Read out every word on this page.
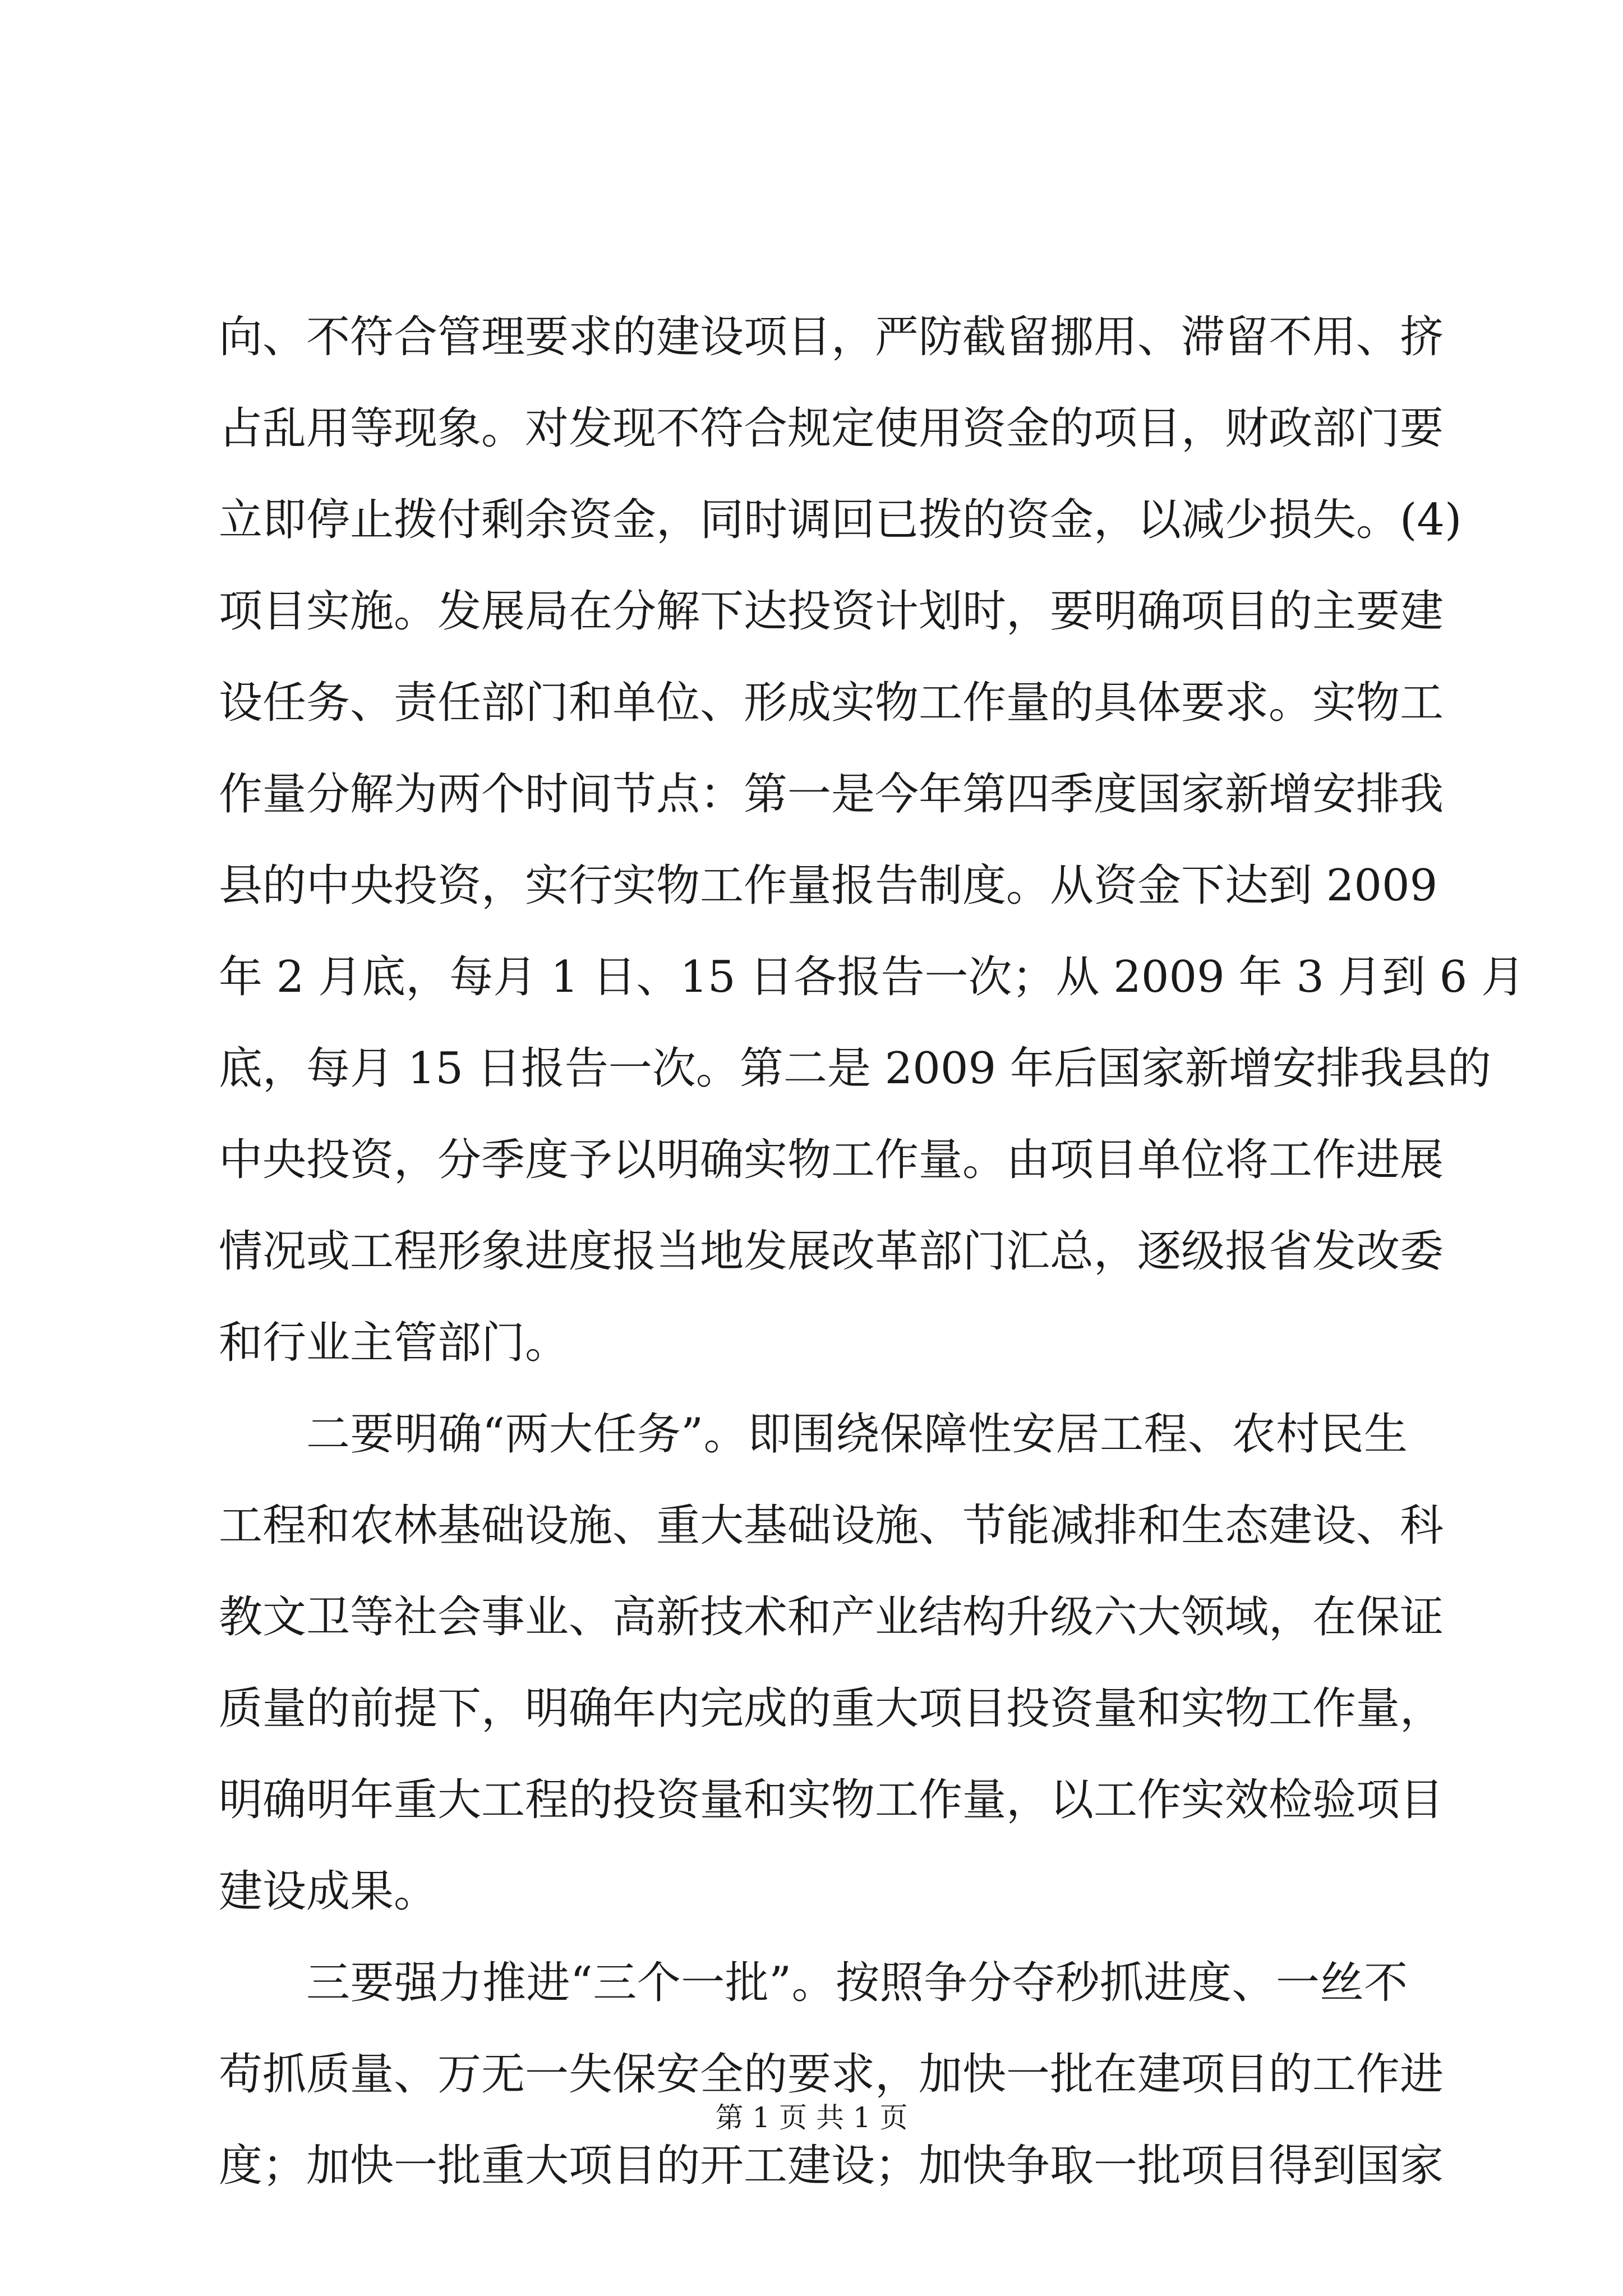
向、不符合管理要求的建设项目，严防截留挪用、滞留不用、挤
占乱用等现象。对发现不符合规定使用资金的项目，财政部门要
立即停止拨付剩余资金，同时调回已拨的资金，以减少损失。(4)
项目实施。发展局在分解下达投资计划时，要明确项目的主要建
设任务、责任部门和单位、形成实物工作量的具体要求。实物工
作量分解为两个时间节点：第一是今年第四季度国家新增安排我
县的中央投资，实行实物工作量报告制度。从资金下达到 2009
年 2 月底，每月 1 日、15 日各报告一次；从 2009 年 3 月到 6 月
底，每月 15 日报告一次。第二是 2009 年后国家新增安排我县的
中央投资，分季度予以明确实物工作量。由项目单位将工作进展
情况或工程形象进度报当地发展改革部门汇总，逐级报省发改委
和行业主管部门。
二要明确“两大任务”。即围绕保障性安居工程、农村民生
工程和农林基础设施、重大基础设施、节能减排和生态建设、科
教文卫等社会事业、高新技术和产业结构升级六大领域，在保证
质量的前提下，明确年内完成的重大项目投资量和实物工作量，
明确明年重大工程的投资量和实物工作量，以工作实效检验项目
建设成果。
三要强力推进“三个一批”。按照争分夺秒抓进度、一丝不
苟抓质量、万无一失保安全的要求，加快一批在建项目的工作进
度；加快一批重大项目的开工建设；加快争取一批项目得到国家
第 1 页 共 1 页
